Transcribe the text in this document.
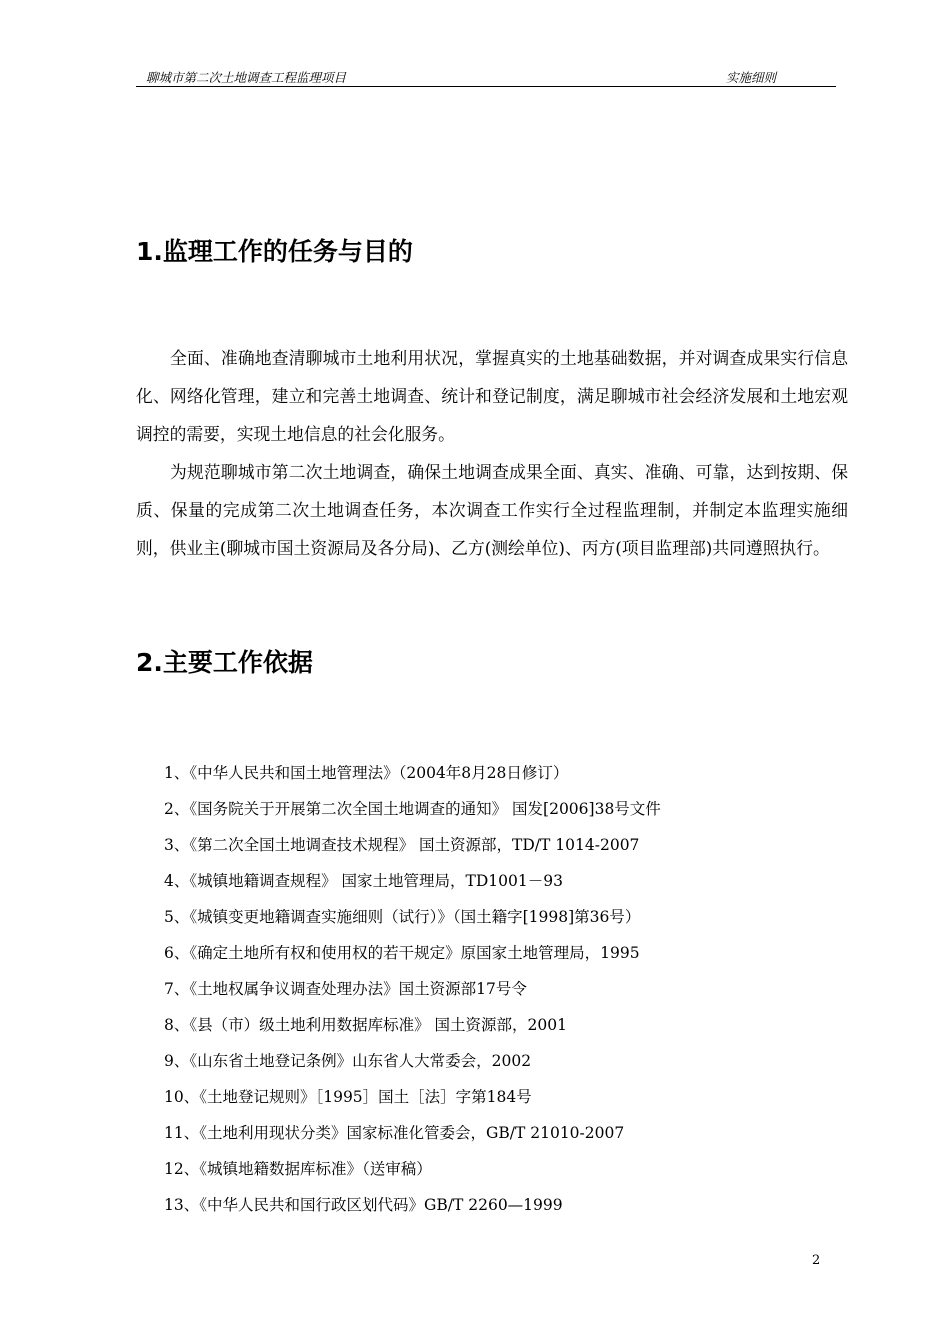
聊城市第二次土地调查工程监理项目	实施细则
1.监理工作的任务与目的

全面、准确地查清聊城市土地利用状况，掌握真实的土地基础数据，并对调查成果实行信息化、网络化管理，建立和完善土地调查、统计和登记制度，满足聊城市社会经济发展和土地宏观调控的需要，实现土地信息的社会化服务。

为规范聊城市第二次土地调查，确保土地调查成果全面、真实、准确、可靠，达到按期、保质、保量的完成第二次土地调查任务，本次调查工作实行全过程监理制，并制定本监理实施细则，供业主(聊城市国土资源局及各分局)、乙方(测绘单位)、丙方(项目监理部)共同遵照执行。

2.主要工作依据
1、《中华人民共和国土地管理法》（2004年8月28日修订）
2、《国务院关于开展第二次全国土地调查的通知》 国发[2006]38号文件
3、《第二次全国土地调查技术规程》 国土资源部，TD/T 1014-2007
4、《城镇地籍调查规程》 国家土地管理局，TD1001－93
5、《城镇变更地籍调查实施细则（试行）》（国土籍字[1998]第36号）
6、《确定土地所有权和使用权的若干规定》原国家土地管理局，1995
7、《土地权属争议调查处理办法》国土资源部17号令
8、《县（市）级土地利用数据库标准》 国土资源部，2001
9、《山东省土地登记条例》山东省人大常委会，2002
10、《土地登记规则》［1995］国土［法］字第184号
11、《土地利用现状分类》国家标准化管委会，GB/T 21010-2007
12、《城镇地籍数据库标准》（送审稿）
13、《中华人民共和国行政区划代码》GB/T 2260—1999
2
